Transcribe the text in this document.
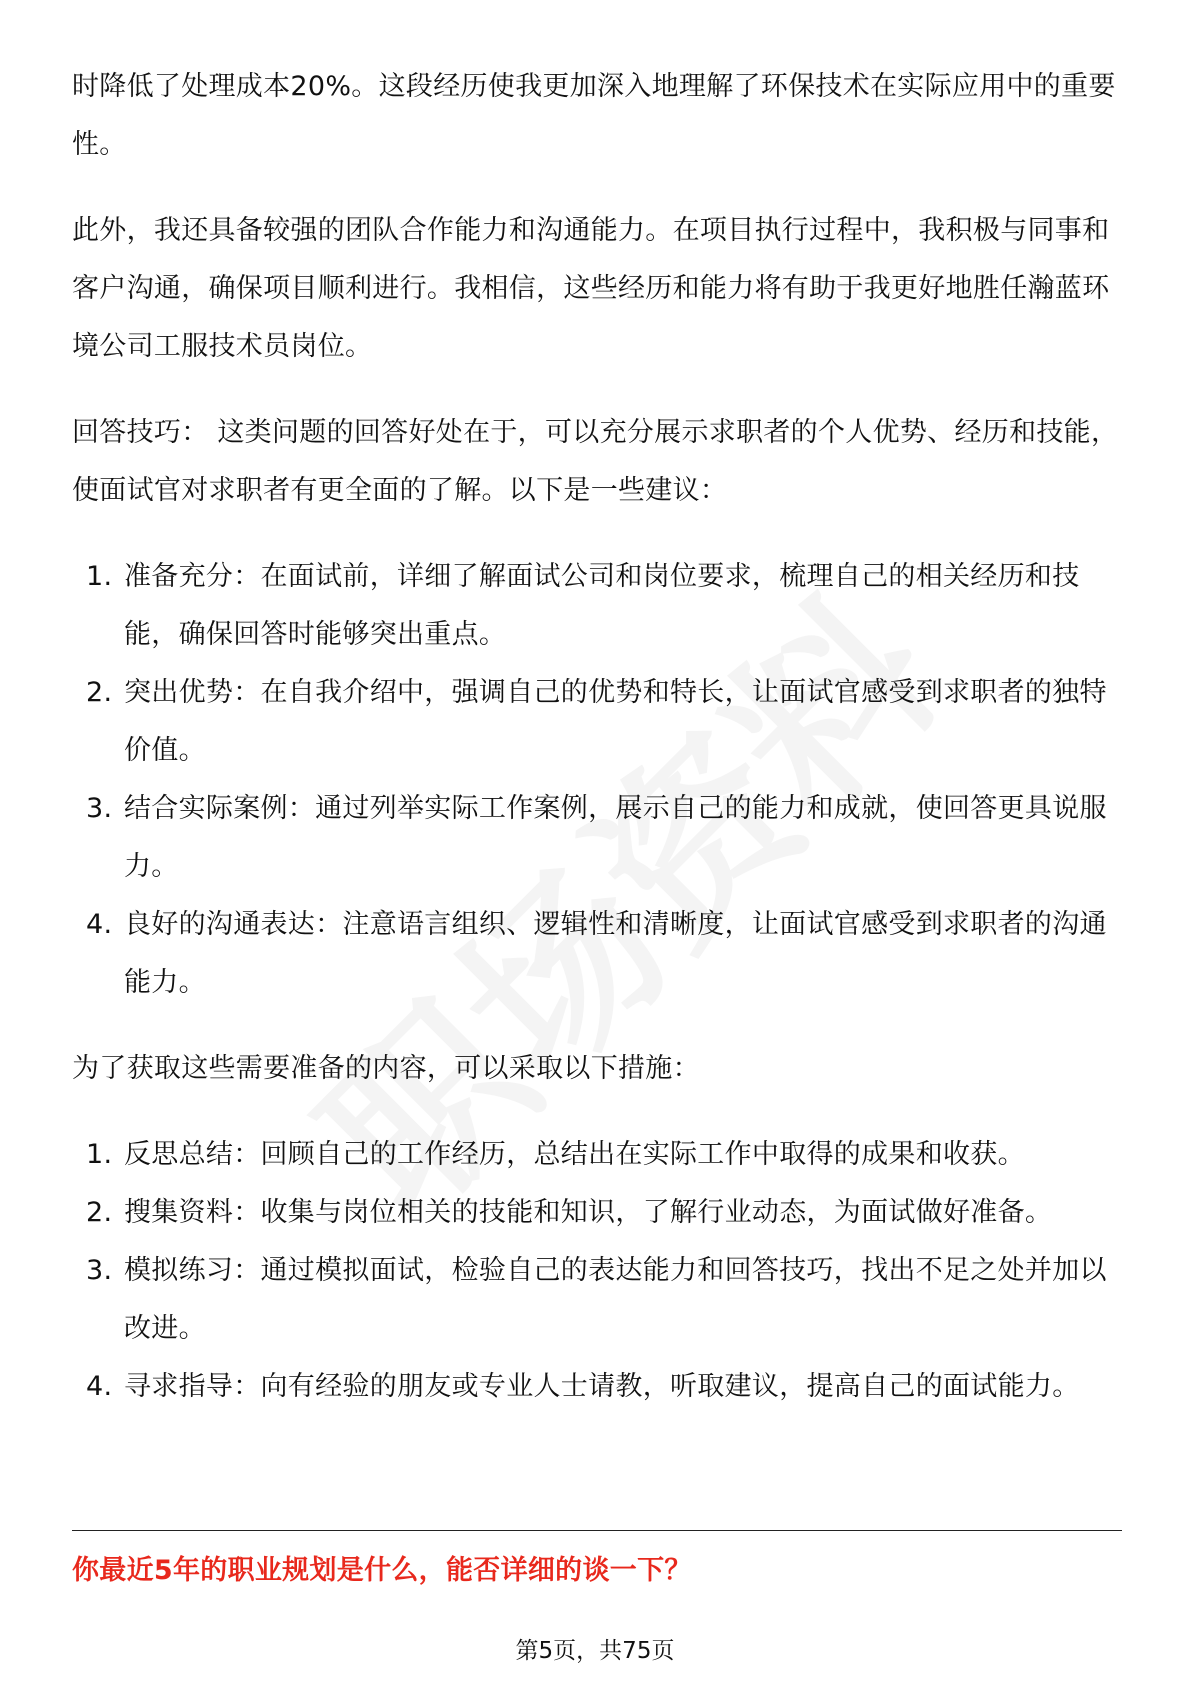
时降低了处理成本20%。这段经历使我更加深入地理解了环保技术在实际应用中的重要性。

此外，我还具备较强的团队合作能力和沟通能力。在项目执行过程中，我积极与同事和客户沟通，确保项目顺利进行。我相信，这些经历和能力将有助于我更好地胜任瀚蓝环境公司工服技术员岗位。

回答技巧： 这类问题的回答好处在于，可以充分展示求职者的个人优势、经历和技能，使面试官对求职者有更全面的了解。以下是一些建议：

1. 准备充分：在面试前，详细了解面试公司和岗位要求，梳理自己的相关经历和技能，确保回答时能够突出重点。
2. 突出优势：在自我介绍中，强调自己的优势和特长，让面试官感受到求职者的独特价值。
3. 结合实际案例：通过列举实际工作案例，展示自己的能力和成就，使回答更具说服力。
4. 良好的沟通表达：注意语言组织、逻辑性和清晰度，让面试官感受到求职者的沟通能力。

为了获取这些需要准备的内容，可以采取以下措施：

1. 反思总结：回顾自己的工作经历，总结出在实际工作中取得的成果和收获。
2. 搜集资料：收集与岗位相关的技能和知识，了解行业动态，为面试做好准备。
3. 模拟练习：通过模拟面试，检验自己的表达能力和回答技巧，找出不足之处并加以改进。
4. 寻求指导：向有经验的朋友或专业人士请教，听取建议，提高自己的面试能力。
你最近5年的职业规划是什么，能否详细的谈一下？
第5页，共75页
